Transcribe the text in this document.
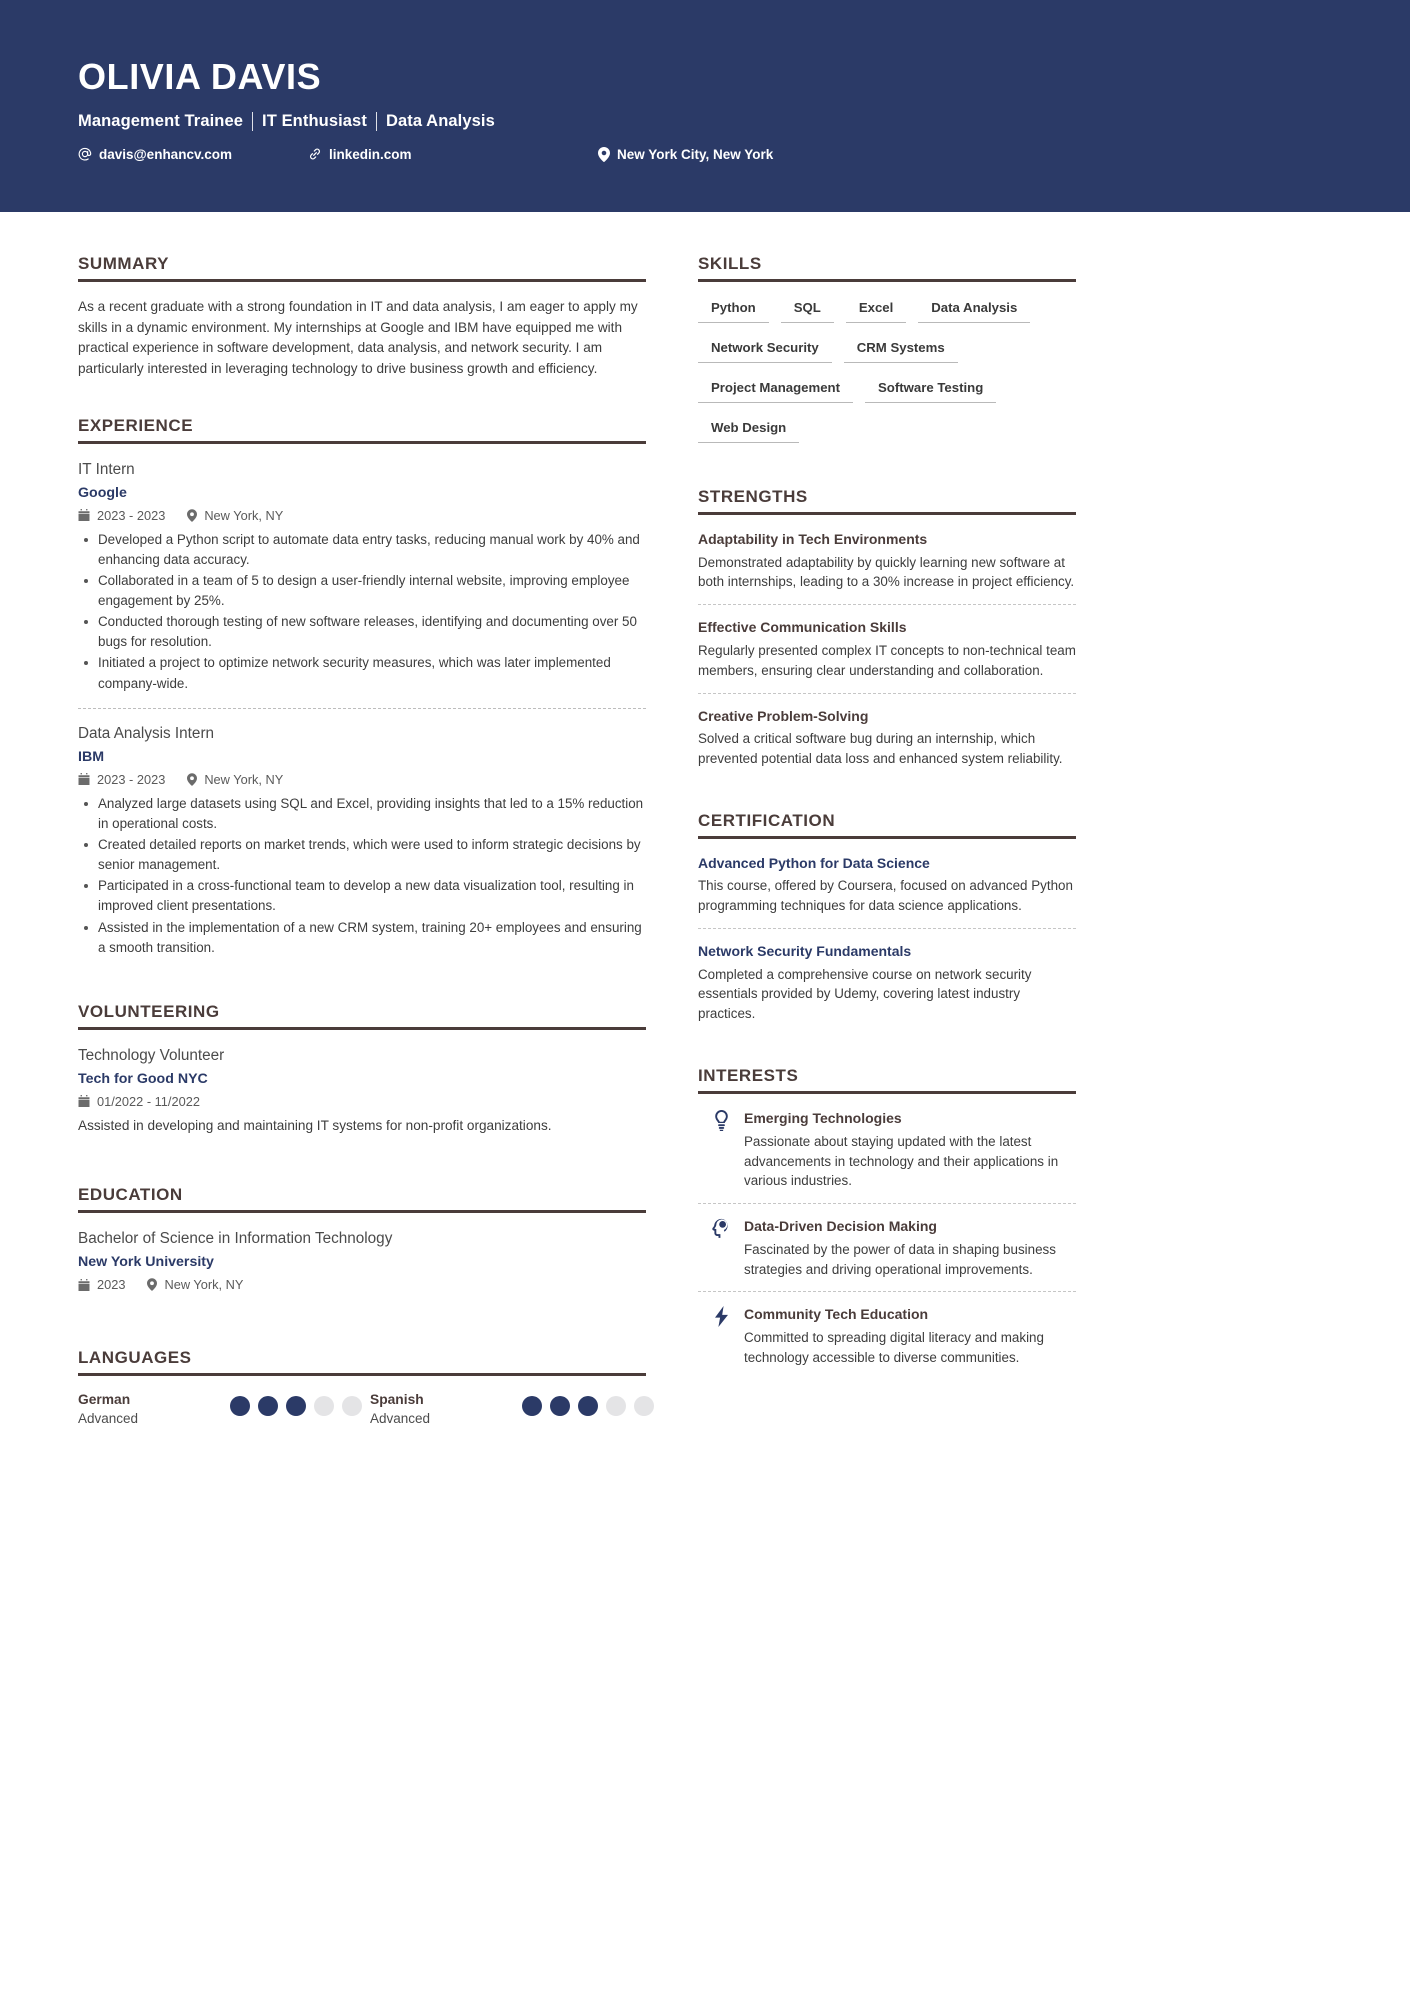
OLIVIA DAVIS
Management Trainee IT Enthusiast Data Analysis
davis@enhancv.com	linkedin.com	New York City, New York
SUMMARY
As a recent graduate with a strong foundation in IT and data analysis, I am eager to apply my skills in a dynamic environment. My internships at Google and IBM have equipped me with practical experience in software development, data analysis, and network security. I am particularly interested in leveraging technology to drive business growth and efficiency.
EXPERIENCE
IT Intern
Google
2023 - 2023	New York, NY
Developed a Python script to automate data entry tasks, reducing manual work by 40% and enhancing data accuracy.
Collaborated in a team of 5 to design a user-friendly internal website, improving employee engagement by 25%.
Conducted thorough testing of new software releases, identifying and documenting over 50 bugs for resolution.
Initiated a project to optimize network security measures, which was later implemented company-wide.
Data Analysis Intern
IBM
2023 - 2023	New York, NY
Analyzed large datasets using SQL and Excel, providing insights that led to a 15% reduction in operational costs.
Created detailed reports on market trends, which were used to inform strategic decisions by senior management.
Participated in a cross-functional team to develop a new data visualization tool, resulting in improved client presentations.
Assisted in the implementation of a new CRM system, training 20+ employees and ensuring a smooth transition.
VOLUNTEERING
Technology Volunteer
Tech for Good NYC
01/2022 - 11/2022
Assisted in developing and maintaining IT systems for non-profit organizations.
EDUCATION
Bachelor of Science in Information Technology
New York University
2023	New York, NY
LANGUAGES
German
Advanced
Spanish
Advanced
SKILLS
Python	SQL	Excel	Data Analysis
Network Security	CRM Systems
Project Management	Software Testing
Web Design
STRENGTHS
Adaptability in Tech Environments
Demonstrated adaptability by quickly learning new software at both internships, leading to a 30% increase in project efficiency.
Effective Communication Skills
Regularly presented complex IT concepts to non-technical team members, ensuring clear understanding and collaboration.
Creative Problem-Solving
Solved a critical software bug during an internship, which prevented potential data loss and enhanced system reliability.
CERTIFICATION
Advanced Python for Data Science
This course, offered by Coursera, focused on advanced Python programming techniques for data science applications.
Network Security Fundamentals
Completed a comprehensive course on network security essentials provided by Udemy, covering latest industry practices.
INTERESTS
Emerging Technologies
Passionate about staying updated with the latest advancements in technology and their applications in various industries.
Data-Driven Decision Making
Fascinated by the power of data in shaping business strategies and driving operational improvements.
Community Tech Education
Committed to spreading digital literacy and making technology accessible to diverse communities.
